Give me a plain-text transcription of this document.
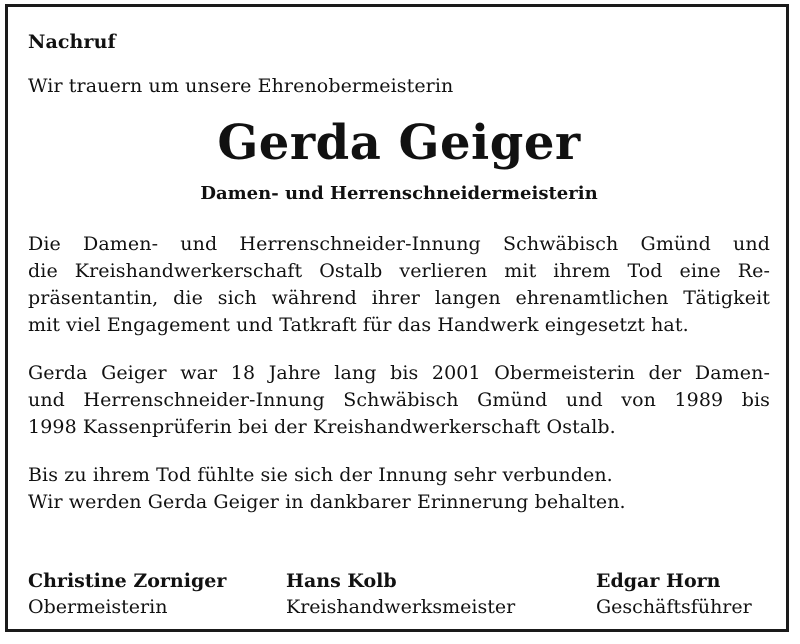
Nachruf
Wir trauern um unsere Ehrenobermeisterin
Gerda Geiger
Damen- und Herrenschneidermeisterin
Die Damen- und Herrenschneider-Innung Schwäbisch Gmünd und
die Kreishandwerkerschaft Ostalb verlieren mit ihrem Tod eine Re-
präsentantin, die sich während ihrer langen ehrenamtlichen Tätigkeit
mit viel Engagement und Tatkraft für das Handwerk eingesetzt hat.
Gerda Geiger war 18 Jahre lang bis 2001 Obermeisterin der Damen-
und Herrenschneider-Innung Schwäbisch Gmünd und von 1989 bis
1998 Kassenprüferin bei der Kreishandwerkerschaft Ostalb.
Bis zu ihrem Tod fühlte sie sich der Innung sehr verbunden.
Wir werden Gerda Geiger in dankbarer Erinnerung behalten.
Christine Zorniger
Obermeisterin
Hans Kolb
Kreishandwerksmeister
Edgar Horn
Geschäftsführer
